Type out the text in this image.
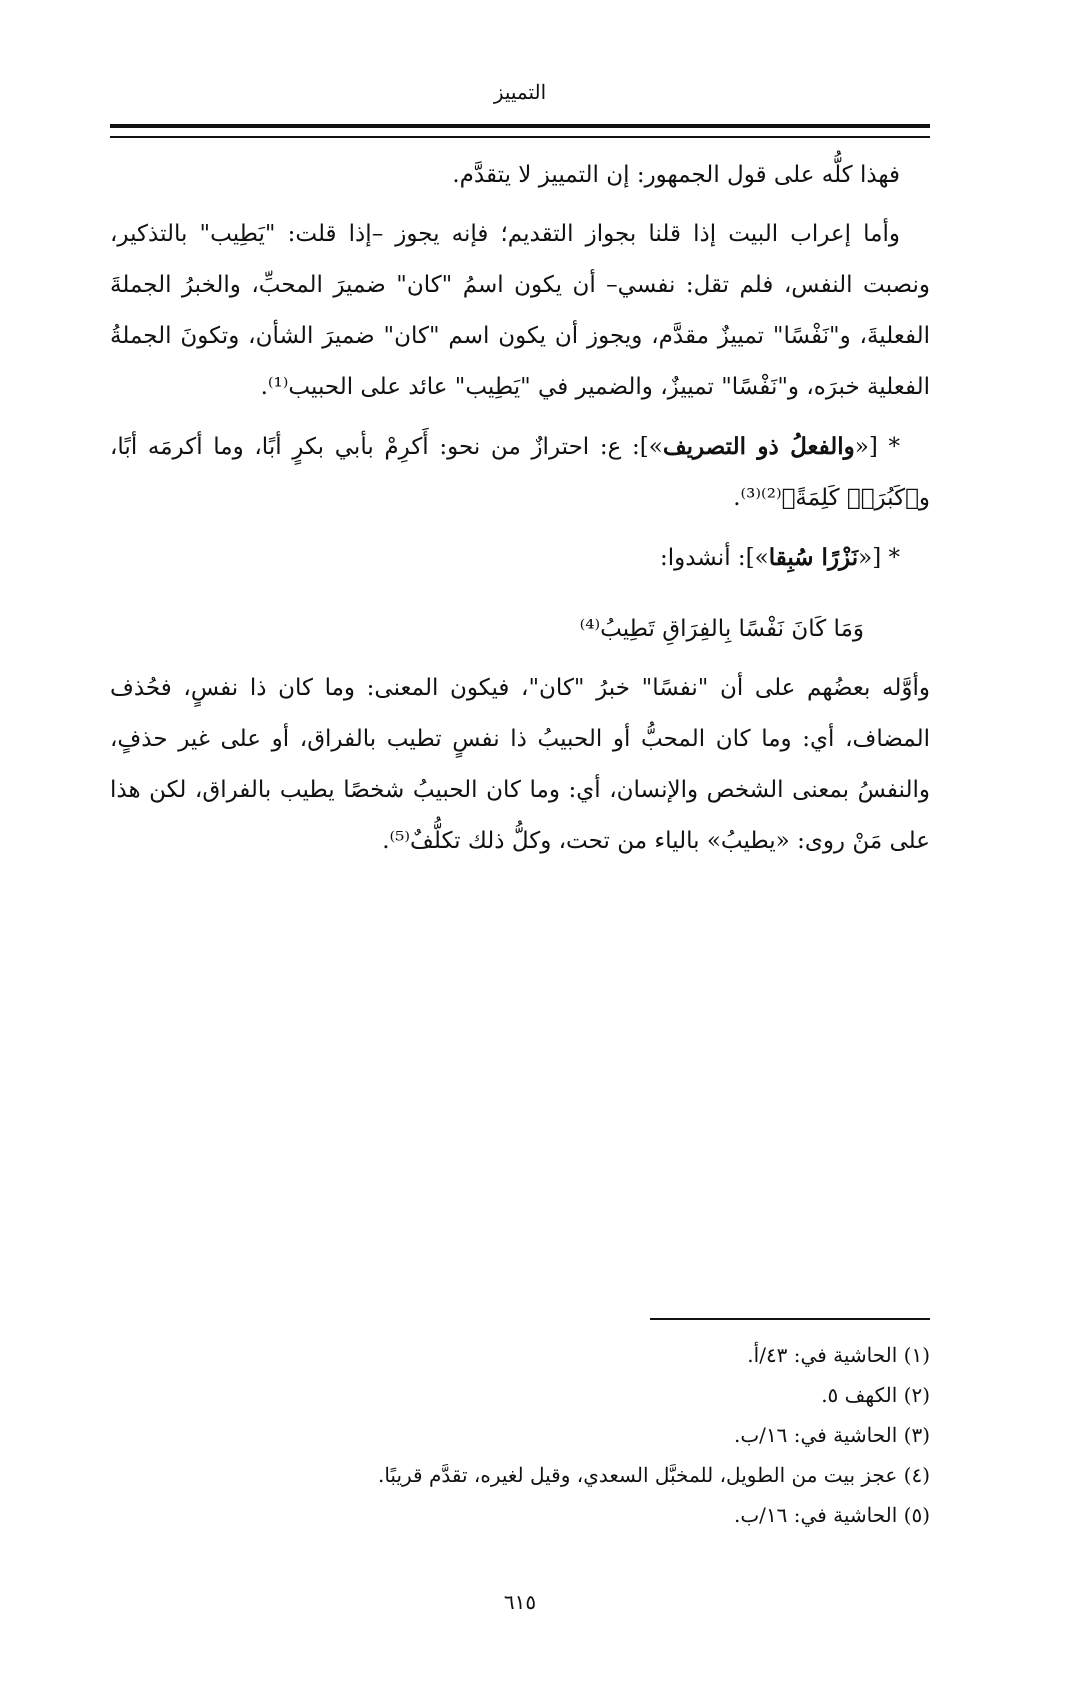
التمييز

فهذا كلُّه على قول الجمهور: إن التمييز لا يتقدَّم.

وأما إعراب البيت إذا قلنا بجواز التقديم؛ فإنه يجوز –إذا قلت: "يَطِيب" بالتذكير، ونصبت النفس، فلم تقل: نفسي– أن يكون اسمُ "كان" ضميرَ المحبِّ، والخبرُ الجملةَ الفعليةَ، و"نَفْسًا" تمييزٌ مقدَّم، ويجوز أن يكون اسم "كان" ضميرَ الشأن، وتكونَ الجملةُ الفعلية خبرَه، و"نَفْسًا" تمييزٌ، والضمير في "يَطِيب" عائد على الحبيب⁽¹⁾.

* [«والفعلُ ذو التصريف»]: ع: احترازٌ من نحو: أَكرِمْ بأبي بكرٍ أبًا، وما أكرمَه أبًا، و﴿كَبُرَتۡ كَلِمَةً﴾⁽²⁾⁽³⁾.

* [«نَزْرًا سُبِقا»]: أنشدوا:

وَمَا كَانَ نَفْسًا بِالفِرَاقِ تَطِيبُ⁽⁴⁾

وأوَّله بعضُهم على أن "نفسًا" خبرُ "كان"، فيكون المعنى: وما كان ذا نفسٍ، فحُذف المضاف، أي: وما كان المحبُّ أو الحبيبُ ذا نفسٍ تطيب بالفراق، أو على غير حذفٍ، والنفسُ بمعنى الشخص والإنسان، أي: وما كان الحبيبُ شخصًا يطيب بالفراق، لكن هذا على مَنْ روى: «يطيبُ» بالياء من تحت، وكلُّ ذلك تكلُّفٌ⁽⁵⁾.

(١) الحاشية في: ٤٣/أ.

(٢) الكهف ٥.

(٣) الحاشية في: ١٦/ب.

(٤) عجز بيت من الطويل، للمخبَّل السعدي، وقيل لغيره، تقدَّم قريبًا.

(٥) الحاشية في: ١٦/ب.

٦١٥
